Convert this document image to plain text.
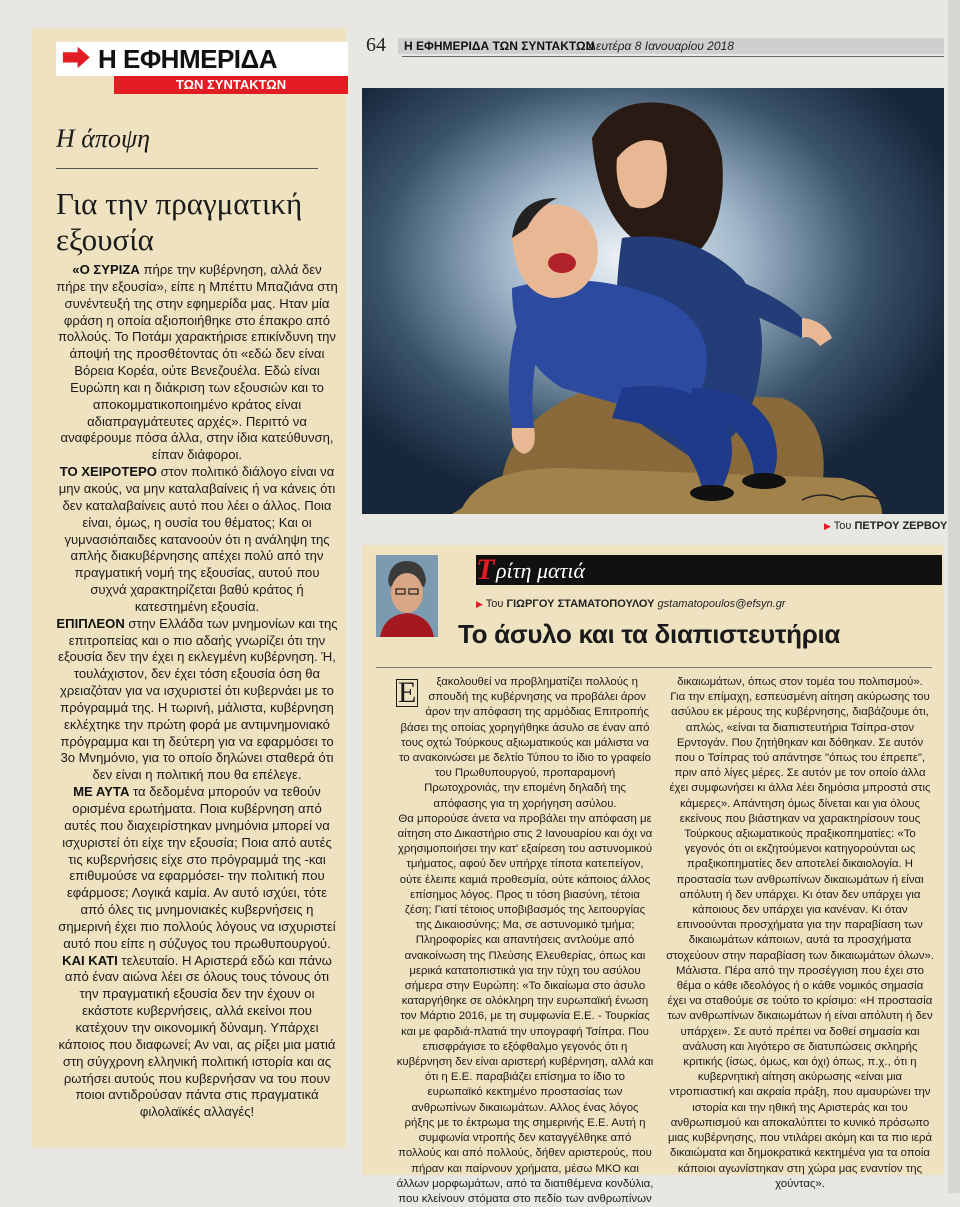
⮕ Η ΕΦΗΜΕΡΙΔΑ
ΤΩΝ ΣΥΝΤΑΚΤΩΝ
Η άποψη
Για την πραγματική εξουσία

«Ο ΣΥΡΙΖΑ πήρε την κυβέρνηση, αλλά δεν πήρε την εξουσία», είπε η Μπέττυ Μπαζιάνα στη συνέντευξή της στην εφημερίδα μας. Ηταν μία φράση η οποία αξιοποιήθηκε στο έπακρο από πολλούς. Το Ποτάμι χαρακτήρισε επικίνδυνη την άποψή της προσθέτοντας ότι «εδώ δεν είναι Βόρεια Κορέα, ούτε Βενεζουέλα. Εδώ είναι Ευρώπη και η διάκριση των εξουσιών και το αποκομματικοποιημένο κράτος είναι αδιαπραγμάτευτες αρχές». Περιττό να αναφέρουμε πόσα άλλα, στην ίδια κατεύθυνση, είπαν διάφοροι.

ΤΟ ΧΕΙΡΟΤΕΡΟ στον πολιτικό διάλογο είναι να μην ακούς, να μην καταλαβαίνεις ή να κάνεις ότι δεν καταλαβαίνεις αυτό που λέει ο άλλος. Ποια είναι, όμως, η ουσία του θέματος; Και οι γυμνασιόπαιδες κατανοούν ότι η ανάληψη της απλής διακυβέρνησης απέχει πολύ από την πραγματική νομή της εξουσίας, αυτού που συχνά χαρακτηρίζεται βαθύ κράτος ή κατεστημένη εξουσία.

ΕΠΙΠΛΕΟΝ στην Ελλάδα των μνημονίων και της επιτροπείας και ο πιο αδαής γνωρίζει ότι την εξουσία δεν την έχει η εκλεγμένη κυβέρνηση. Ή, τουλάχιστον, δεν έχει τόση εξουσία όση θα χρειαζόταν για να ισχυριστεί ότι κυβερνάει με το πρόγραμμά της. Η τωρινή, μάλιστα, κυβέρνηση εκλέχτηκε την πρώτη φορά με αντιμνημονιακό πρόγραμμα και τη δεύτερη για να εφαρμόσει το 3ο Μνημόνιο, για το οποίο δηλώνει σταθερά ότι δεν είναι η πολιτική που θα επέλεγε.

ΜΕ ΑΥΤΑ τα δεδομένα μπορούν να τεθούν ορισμένα ερωτήματα. Ποια κυβέρνηση από αυτές που διαχειρίστηκαν μνημόνια μπορεί να ισχυριστεί ότι είχε την εξουσία; Ποια από αυτές τις κυβερνήσεις είχε στο πρόγραμμά της -και επιθυμούσε να εφαρμόσει- την πολιτική που εφάρμοσε; Λογικά καμία. Αν αυτό ισχύει, τότε από όλες τις μνημονιακές κυβερνήσεις η σημερινή έχει πιο πολλούς λόγους να ισχυριστεί αυτό που είπε η σύζυγος του πρωθυπουργού.

ΚΑΙ ΚΑΤΙ τελευταίο. Η Αριστερά εδώ και πάνω από έναν αιώνα λέει σε όλους τους τόνους ότι την πραγματική εξουσία δεν την έχουν οι εκάστοτε κυβερνήσεις, αλλά εκείνοι που κατέχουν την οικονομική δύναμη. Υπάρχει κάποιος που διαφωνεί; Αν ναι, ας ρίξει μια ματιά στη σύγχρονη ελληνική πολιτική ιστορία και ας ρωτήσει αυτούς που κυβερνήσαν να του πουν ποιοι αντιδρούσαν πάντα στις πραγματικά φιλολαϊκές αλλαγές!

64 Η ΕΦΗΜΕΡΙΔΑ ΤΩΝ ΣΥΝΤΑΚΤΩΝ
Δευτέρα 8 Ιανουαρίου 2018
▶ Του ΠΕΤΡΟΥ ΖΕΡΒΟΥ
Τ ρίτη ματιά
▶ Του ΓΙΩΡΓΟΥ ΣΤΑΜΑΤΟΠΟΥΛΟΥ gstamatopoulos@efsyn.gr
Το άσυλο και τα διαπιστευτήρια

Ε ξακολουθεί να προβληματίζει πολλούς η σπουδή της κυβέρνησης να προβάλει άρον άρον την απόφαση της αρμόδιας Επιτροπής βάσει της οποίας χορηγήθηκε άσυλο σε έναν από τους οχτώ Τούρκους αξιωματικούς και μάλιστα να το ανακοινώσει με δελτίο Τύπου το ίδιο το γραφείο του Πρωθυπουργού, προπαραμονή Πρωτοχρονιάς, την επομένη δηλαδή της απόφασης για τη χορήγηση ασύλου.

Θα μπορούσε άνετα να προβάλει την απόφαση με αίτηση στο Δικαστήριο στις 2 Ιανουαρίου και όχι να χρησιμοποιήσει την κατ' εξαίρεση του αστυνομικού τμήματος, αφού δεν υπήρχε τίποτα κατεπείγον, ούτε έλειπε καμιά προθεσμία, ούτε κάποιος άλλος επίσημος λόγος. Προς τι τόση βιασύνη, τέτοια ζέση; Γιατί τέτοιος υποβιβασμός της λειτουργίας της Δικαιοσύνης; Μα, σε αστυνομικό τμήμα; Πληροφορίες και απαντήσεις αντλούμε από ανακοίνωση της Πλεύσης Ελευθερίας, όπως και μερικά κατατοπιστικά για την τύχη του ασύλου σήμερα στην Ευρώπη: «Το δικαίωμα στο άσυλο καταργήθηκε σε ολόκληρη την ευρωπαϊκή ένωση τον Μάρτιο 2016, με τη συμφωνία Ε.Ε. - Τουρκίας και με φαρδιά-πλατιά την υπογραφή Τσίπρα. Που επισφράγισε το εξόφθαλμο γεγονός ότι η κυβέρνηση δεν είναι αριστερή κυβέρνηση, αλλά και ότι η Ε.Ε. παραβιάζει επίσημα το ίδιο το ευρωπαϊκό κεκτημένο προστασίας των ανθρωπίνων δικαιωμάτων. Αλλος ένας λόγος ρήξης με το έκτρωμα της σημερινής Ε.Ε. Αυτή η συμφωνία ντροπής δεν καταγγέλθηκε από πολλούς και από πολλούς, δήθεν αριστερούς, που πήραν και παίρνουν χρήματα, μέσω ΜΚΟ και άλλων μορφωμάτων, από τα διατιθέμενα κονδύλια, που κλείνουν στόματα στο πεδίο των ανθρωπίνων

δικαιωμάτων, όπως στον τομέα του πολιτισμού».

Για την επίμαχη, εσπευσμένη αίτηση ακύρωσης του ασύλου εκ μέρους της κυβέρνησης, διαβάζουμε ότι, απλώς, «είναι τα διαπιστευτήρια Τσίπρα-στον Ερντογάν. Που ζητήθηκαν και δόθηκαν. Σε αυτόν που ο Τσίπρας τού απάντησε "όπως του έπρεπε", πριν από λίγες μέρες. Σε αυτόν με τον οποίο άλλα έχει συμφωνήσει κι άλλα λέει δημόσια μπροστά στις κάμερες». Απάντηση όμως δίνεται και για όλους εκείνους που βιάστηκαν να χαρακτηρίσουν τους Τούρκους αξιωματικούς πραξικοπηματίες: «Το γεγονός ότι οι εκζητούμενοι κατηγορούνται ως πραξικοπηματίες δεν αποτελεί δικαιολογία. Η προστασία των ανθρωπίνων δικαιωμάτων ή είναι απόλυτη ή δεν υπάρχει. Κι όταν δεν υπάρχει για κάποιους δεν υπάρχει για κανέναν. Κι όταν επινοούνται προσχήματα για την παραβίαση των δικαιωμάτων κάποιων, αυτά τα προσχήματα στοχεύουν στην παραβίαση των δικαιωμάτων όλων».

Μάλιστα. Πέρα από την προσέγγιση που έχει στο θέμα ο κάθε ιδεολόγος ή ο κάθε νομικός σημασία έχει να σταθούμε σε τούτο το κρίσιμο: «Η προστασία των ανθρωπίνων δικαιωμάτων ή είναι απόλυτη ή δεν υπάρχει». Σε αυτό πρέπει να δοθεί σημασία και ανάλυση και λιγότερο σε διατυπώσεις σκληρής κριτικής (ίσως, όμως, και όχι) όπως, π.χ., ότι η κυβερνητική αίτηση ακύρωσης «είναι μια ντροπιαστική και ακραία πράξη, που αμαυρώνει την ιστορία και την ηθική της Αριστεράς και του ανθρωπισμού και αποκαλύπτει το κυνικό πρόσωπο μιας κυβέρνησης, που ντιλάρει ακόμη και τα πιο ιερά δικαιώματα και δημοκρατικά κεκτημένα για τα οποία κάποιοι αγωνίστηκαν στη χώρα μας εναντίον της χούντας».
